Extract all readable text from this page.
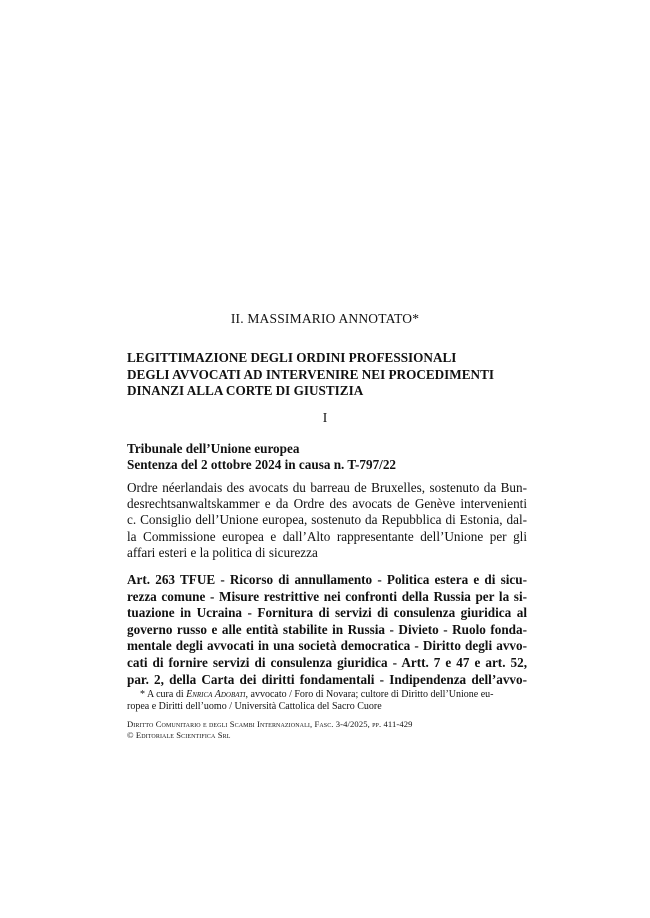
II. MASSIMARIO ANNOTATO*
LEGITTIMAZIONE DEGLI ORDINI PROFESSIONALI
DEGLI AVVOCATI AD INTERVENIRE NEI PROCEDIMENTI
DINANZI ALLA CORTE DI GIUSTIZIA
I
Tribunale dell’Unione europea
Sentenza del 2 ottobre 2024 in causa n. T-797/22
Ordre néerlandais des avocats du barreau de Bruxelles, sostenuto da Bun-
desrechtsanwaltskammer e da Ordre des avocats de Genève intervenienti
c. Consiglio dell’Unione europea, sostenuto da Repubblica di Estonia, dal-
la Commissione europea e dall’Alto rappresentante dell’Unione per gli
affari esteri e la politica di sicurezza
Art. 263 TFUE - Ricorso di annullamento - Politica estera e di sicu-
rezza comune - Misure restrittive nei confronti della Russia per la si-
tuazione in Ucraina - Fornitura di servizi di consulenza giuridica al
governo russo e alle entità stabilite in Russia - Divieto - Ruolo fonda-
mentale degli avvocati in una società democratica - Diritto degli avvo-
cati di fornire servizi di consulenza giuridica - Artt. 7 e 47 e art. 52,
par. 2, della Carta dei diritti fondamentali - Indipendenza dell’avvo-
* A cura di Enrica Adobati, avvocato / Foro di Novara; cultore di Diritto dell’Unione eu-
ropea e Diritti dell’uomo / Università Cattolica del Sacro Cuore
Diritto Comunitario e degli Scambi Internazionali, Fasc. 3-4/2025, pp. 411-429
© Editoriale Scientifica Srl
